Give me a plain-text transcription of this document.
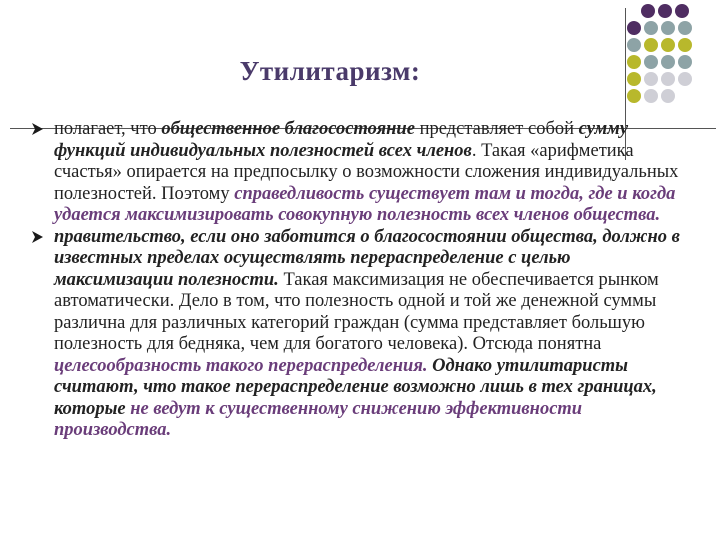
Утилитаризм:

полагает, что общественное благосостояние представляет собой сумму функций индивидуальных полезностей всех членов. Такая «арифметика счастья» опирается на предпосылку о возможности сложения индивидуальных полезностей. Поэтому справедливость существует там и тогда, где и когда удается максимизировать совокупную полезность всех членов общества.

правительство, если оно заботится о благосостоянии общества, должно в известных пределах осуществлять перераспределение с целью максимизации полезности. Такая максимизация не обеспечивается рынком автоматически. Дело в том, что полезность одной и той же денежной суммы различна для различных категорий граждан (сумма представляет большую полезность для бедняка, чем для богатого человека). Отсюда понятна целесообразность такого перераспределения. Однако утилитаристы считают, что такое перераспределение возможно лишь в тех границах, которые не ведут к существенному снижению эффективности производства.
